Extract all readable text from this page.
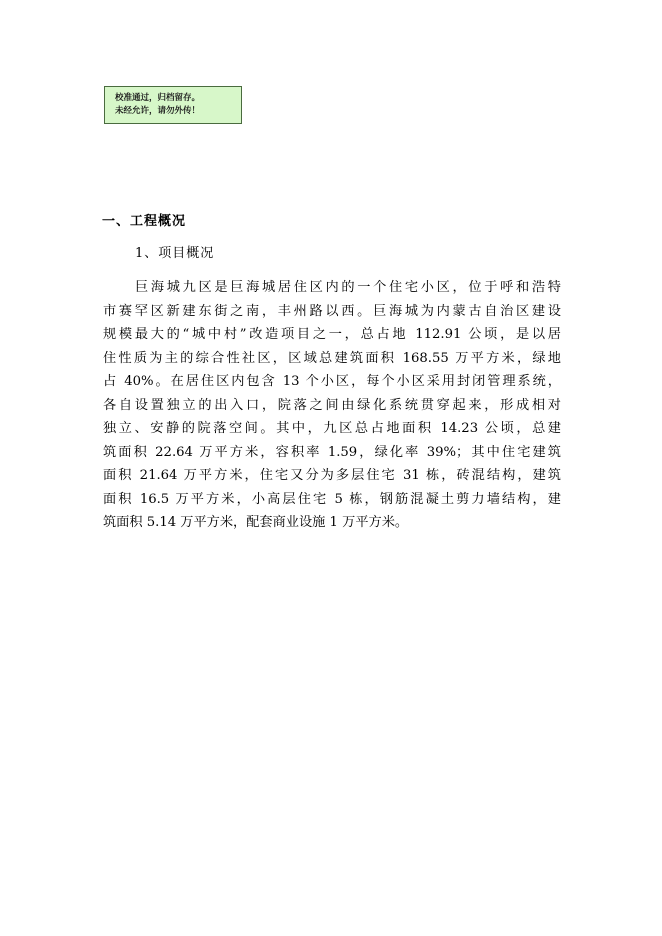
校准通过，归档留存。
未经允许，请勿外传！
一、工程概况
1、项目概况
巨海城九区是巨海城居住区内的一个住宅小区，位于呼和浩特
市赛罕区新建东街之南，丰州路以西。巨海城为内蒙古自治区建设
规模最大的“城中村”改造项目之一，总占地 112.91 公顷，是以居
住性质为主的综合性社区，区域总建筑面积 168.55 万平方米，绿地
占 40%。在居住区内包含 13 个小区，每个小区采用封闭管理系统，
各自设置独立的出入口，院落之间由绿化系统贯穿起来，形成相对
独立、安静的院落空间。其中，九区总占地面积 14.23 公顷，总建
筑面积 22.64 万平方米，容积率 1.59，绿化率 39%；其中住宅建筑
面积 21.64 万平方米，住宅又分为多层住宅 31 栋，砖混结构，建筑
面积 16.5 万平方米，小高层住宅 5 栋，钢筋混凝土剪力墙结构，建
筑面积 5.14 万平方米，配套商业设施 1 万平方米。
